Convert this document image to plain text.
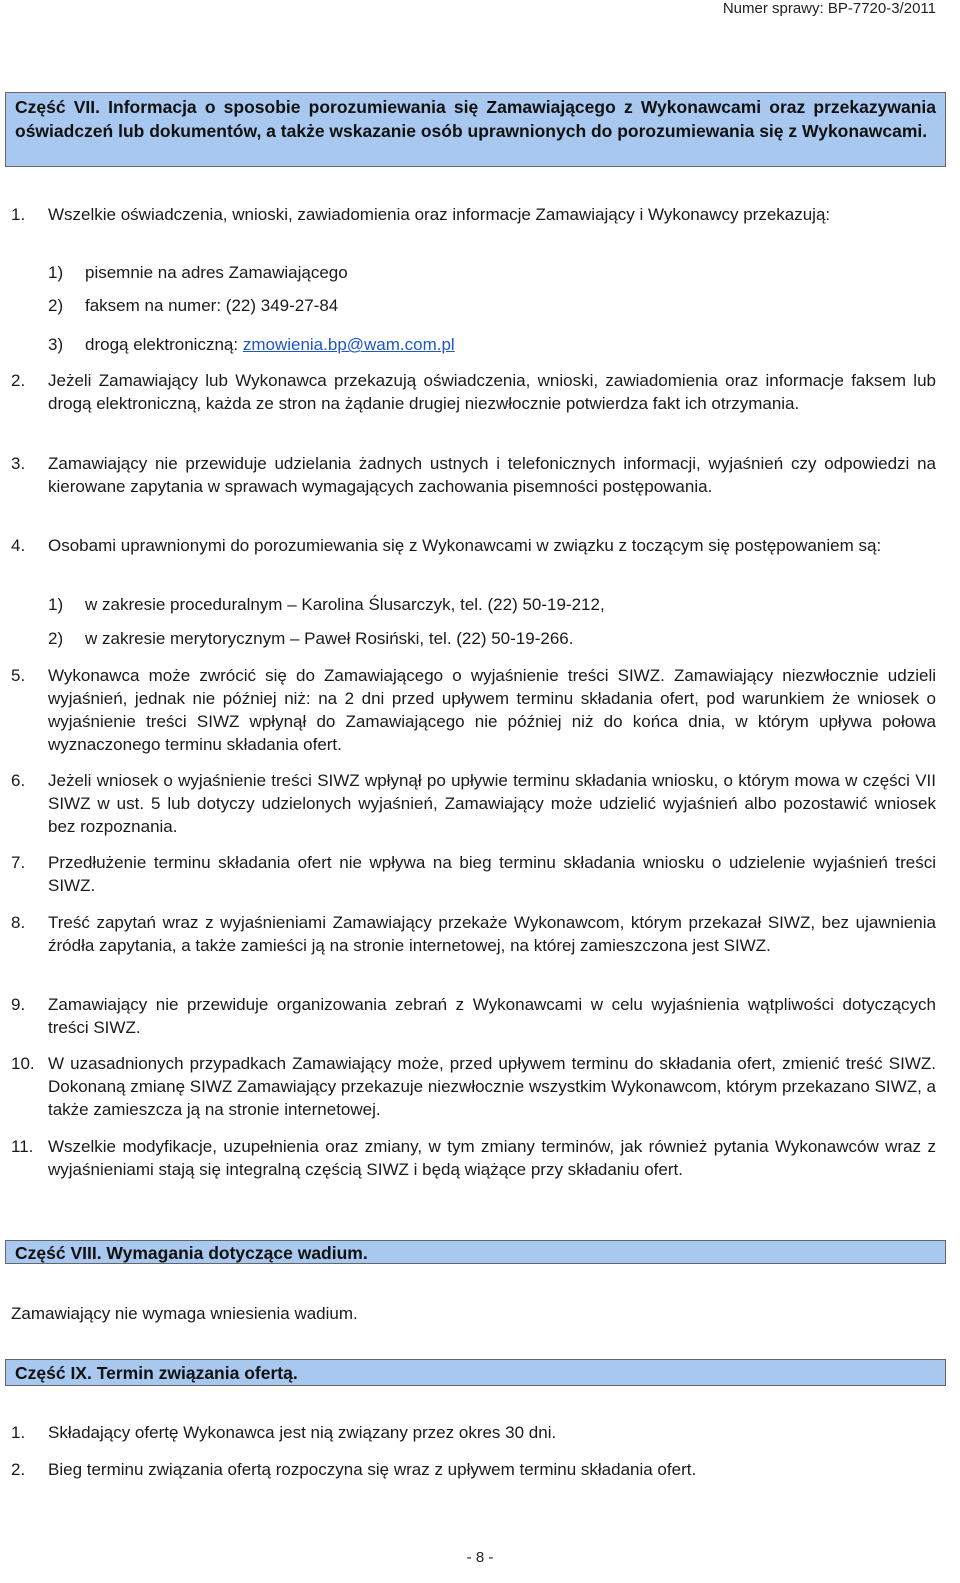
Numer sprawy: BP-7720-3/2011
Część VII. Informacja o sposobie porozumiewania się Zamawiającego z Wykonawcami oraz przekazywania oświadczeń lub dokumentów, a także wskazanie osób uprawnionych do porozumiewania się z Wykonawcami.
1. Wszelkie oświadczenia, wnioski, zawiadomienia oraz informacje Zamawiający i Wykonawcy przekazują:
1) pisemnie na adres Zamawiającego
2) faksem na numer: (22) 349-27-84
3) drogą elektroniczną: zmowienia.bp@wam.com.pl
2. Jeżeli Zamawiający lub Wykonawca przekazują oświadczenia, wnioski, zawiadomienia oraz informacje faksem lub drogą elektroniczną, każda ze stron na żądanie drugiej niezwłocznie potwierdza fakt ich otrzymania.
3. Zamawiający nie przewiduje udzielania żadnych ustnych i telefonicznych informacji, wyjaśnień czy odpowiedzi na kierowane zapytania w sprawach wymagających zachowania pisemności postępowania.
4. Osobami uprawnionymi do porozumiewania się z Wykonawcami w związku z toczącym się postępowaniem są:
1) w zakresie proceduralnym – Karolina Ślusarczyk, tel. (22) 50-19-212,
2) w zakresie merytorycznym – Paweł Rosiński, tel. (22) 50-19-266.
5. Wykonawca może zwrócić się do Zamawiającego o wyjaśnienie treści SIWZ. Zamawiający niezwłocznie udzieli wyjaśnień, jednak nie później niż: na 2 dni przed upływem terminu składania ofert, pod warunkiem że wniosek o wyjaśnienie treści SIWZ wpłynął do Zamawiającego nie później niż do końca dnia, w którym upływa połowa wyznaczonego terminu składania ofert.
6. Jeżeli wniosek o wyjaśnienie treści SIWZ wpłynął po upływie terminu składania wniosku, o którym mowa w części VII SIWZ w ust. 5 lub dotyczy udzielonych wyjaśnień, Zamawiający może udzielić wyjaśnień albo pozostawić wniosek bez rozpoznania.
7. Przedłużenie terminu składania ofert nie wpływa na bieg terminu składania wniosku o udzielenie wyjaśnień treści SIWZ.
8. Treść zapytań wraz z wyjaśnieniami Zamawiający przekaże Wykonawcom, którym przekazał SIWZ, bez ujawnienia źródła zapytania, a także zamieści ją na stronie internetowej, na której zamieszczona jest SIWZ.
9. Zamawiający nie przewiduje organizowania zebrań z Wykonawcami w celu wyjaśnienia wątpliwości dotyczących treści SIWZ.
10. W uzasadnionych przypadkach Zamawiający może, przed upływem terminu do składania ofert, zmienić treść SIWZ. Dokonaną zmianę SIWZ Zamawiający przekazuje niezwłocznie wszystkim Wykonawcom, którym przekazano SIWZ, a także zamieszcza ją na stronie internetowej.
11. Wszelkie modyfikacje, uzupełnienia oraz zmiany, w tym zmiany terminów, jak również pytania Wykonawców wraz z wyjaśnieniami stają się integralną częścią SIWZ i będą wiążące przy składaniu ofert.
Część VIII. Wymagania dotyczące wadium.
Zamawiający nie wymaga wniesienia wadium.
Część IX. Termin związania ofertą.
1. Składający ofertę Wykonawca jest nią związany przez okres 30 dni.
2. Bieg terminu związania ofertą rozpoczyna się wraz z upływem terminu składania ofert.
- 8 -
